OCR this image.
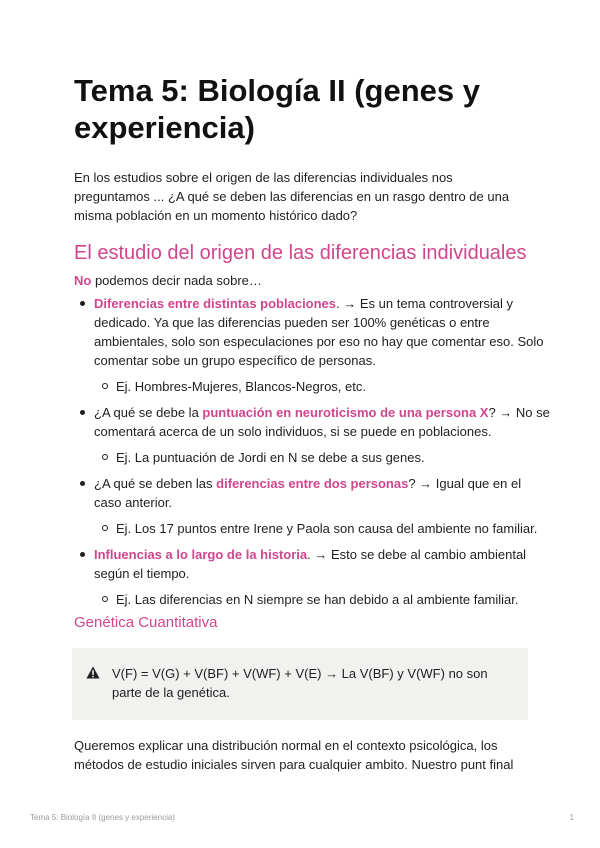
Tema 5: Biología II (genes y experiencia)

En los estudios sobre el origen de las diferencias individuales nos preguntamos ... ¿A qué se deben las diferencias en un rasgo dentro de una misma población en un momento histórico dado?

El estudio del origen de las diferencias individuales

No podemos decir nada sobre…

Diferencias entre distintas poblaciones. → Es un tema controversial y dedicado. Ya que las diferencias pueden ser 100% genéticas o entre ambientales, solo son especulaciones por eso no hay que comentar eso. Solo comentar sobe un grupo específico de personas.
Ej. Hombres-Mujeres, Blancos-Negros, etc.
¿A qué se debe la puntuación en neuroticismo de una persona X? → No se comentará acerca de un solo individuos, si se puede en poblaciones.
Ej. La puntuación de Jordi en N se debe a sus genes.
¿A qué se deben las diferencias entre dos personas? → Igual que en el caso anterior.
Ej. Los 17 puntos entre Irene y Paola son causa del ambiente no familiar.
Influencias a lo largo de la historia. → Esto se debe al cambio ambiental según el tiempo.
Ej. Las diferencias en N siempre se han debido a al ambiente familiar.
Genética Cuantitativa
V(F) = V(G) + V(BF) + V(WF) + V(E) → La V(BF) y V(WF) no son parte de la genética.

Queremos explicar una distribución normal en el contexto psicológica, los métodos de estudio iniciales sirven para cualquier ambito. Nuestro punt final

Tema 5: Biología II (genes y experiencia)	1
